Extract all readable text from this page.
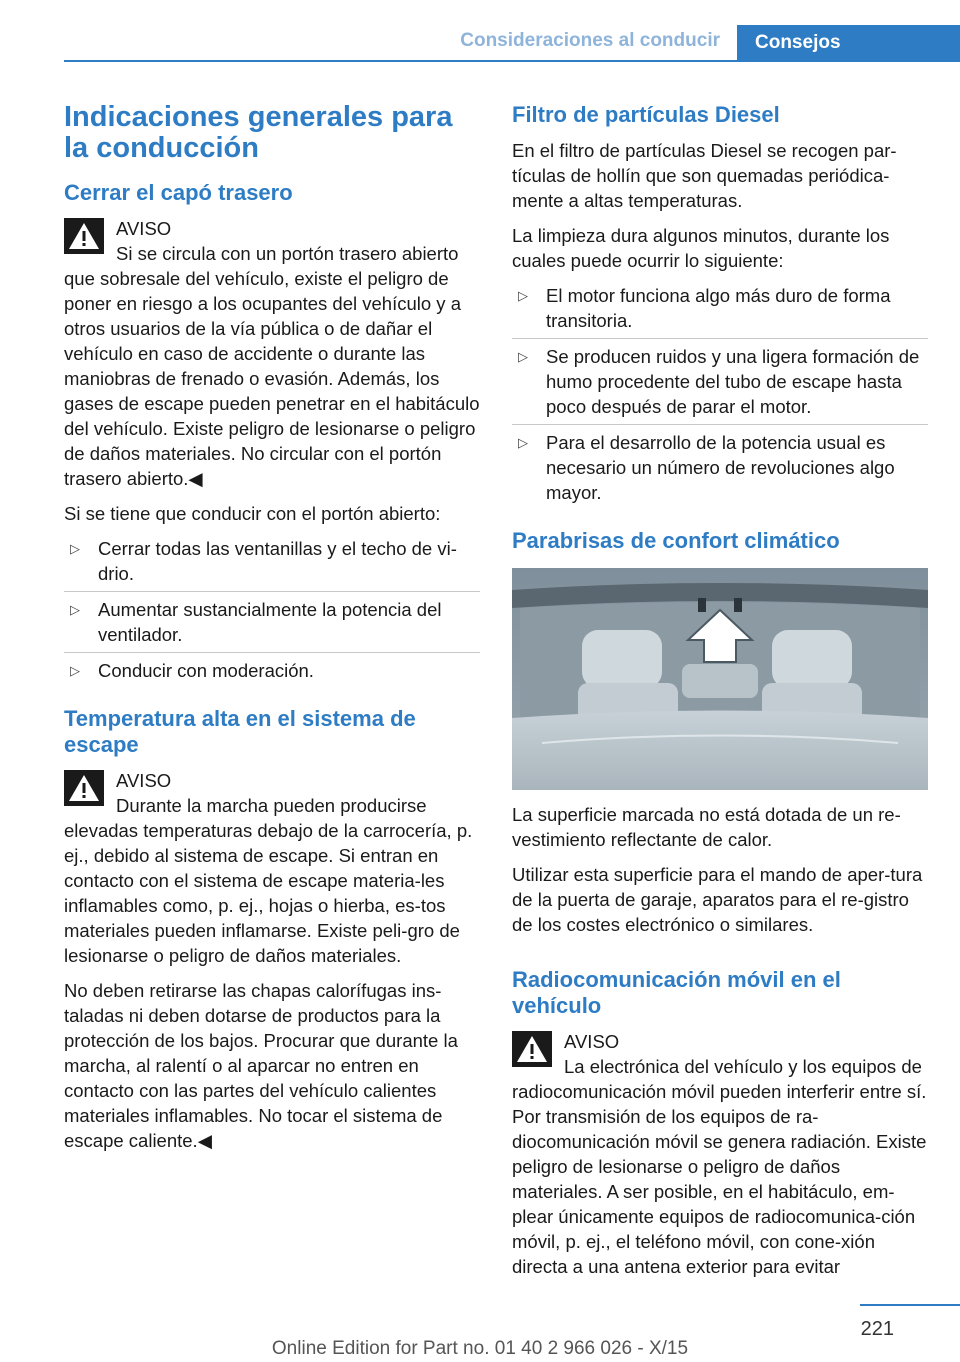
Consideraciones al conducir	Consejos
Indicaciones generales para la conducción
Cerrar el capó trasero
AVISO
Si se circula con un portón trasero abierto que sobresale del vehículo, existe el peligro de poner en riesgo a los ocupantes del vehículo y a otros usuarios de la vía pública o de dañar el vehículo en caso de accidente o durante las maniobras de frenado o evasión. Además, los gases de escape pueden penetrar en el habitáculo del vehículo. Existe peligro de lesionarse o peligro de daños materiales. No circular con el portón trasero abierto.◀

Si se tiene que conducir con el portón abierto:

▷ Cerrar todas las ventanillas y el techo de vi-drio.
▷ Aumentar sustancialmente la potencia del ventilador.
▷ Conducir con moderación.
Temperatura alta en el sistema de escape
AVISO
Durante la marcha pueden producirse elevadas temperaturas debajo de la carrocería, p. ej., debido al sistema de escape. Si entran en contacto con el sistema de escape materia-les inflamables como, p. ej., hojas o hierba, es-tos materiales pueden inflamarse. Existe peli-gro de lesionarse o peligro de daños materiales.

No deben retirarse las chapas calorífugas ins-taladas ni deben dotarse de productos para la protección de los bajos. Procurar que durante la marcha, al ralentí o al aparcar no entren en contacto con las partes del vehículo calientes materiales inflamables. No tocar el sistema de escape caliente.◀

Filtro de partículas Diesel

En el filtro de partículas Diesel se recogen par-tículas de hollín que son quemadas periódica-mente a altas temperaturas.

La limpieza dura algunos minutos, durante los cuales puede ocurrir lo siguiente:

▷ El motor funciona algo más duro de forma transitoria.
▷ Se producen ruidos y una ligera formación de humo procedente del tubo de escape hasta poco después de parar el motor.
▷ Para el desarrollo de la potencia usual es necesario un número de revoluciones algo mayor.
Parabrisas de confort climático

La superficie marcada no está dotada de un re-vestimiento reflectante de calor.

Utilizar esta superficie para el mando de aper-tura de la puerta de garaje, aparatos para el re-gistro de los costes electrónico o similares.

Radiocomunicación móvil en el vehículo
AVISO
La electrónica del vehículo y los equipos de radiocomunicación móvil pueden interferir entre sí. Por transmisión de los equipos de ra-diocomunicación móvil se genera radiación. Existe peligro de lesionarse o peligro de daños materiales. A ser posible, en el habitáculo, em-plear únicamente equipos de radiocomunica-ción móvil, p. ej., el teléfono móvil, con cone-xión directa a una antena exterior para evitar
221
Online Edition for Part no. 01 40 2 966 026 - X/15
